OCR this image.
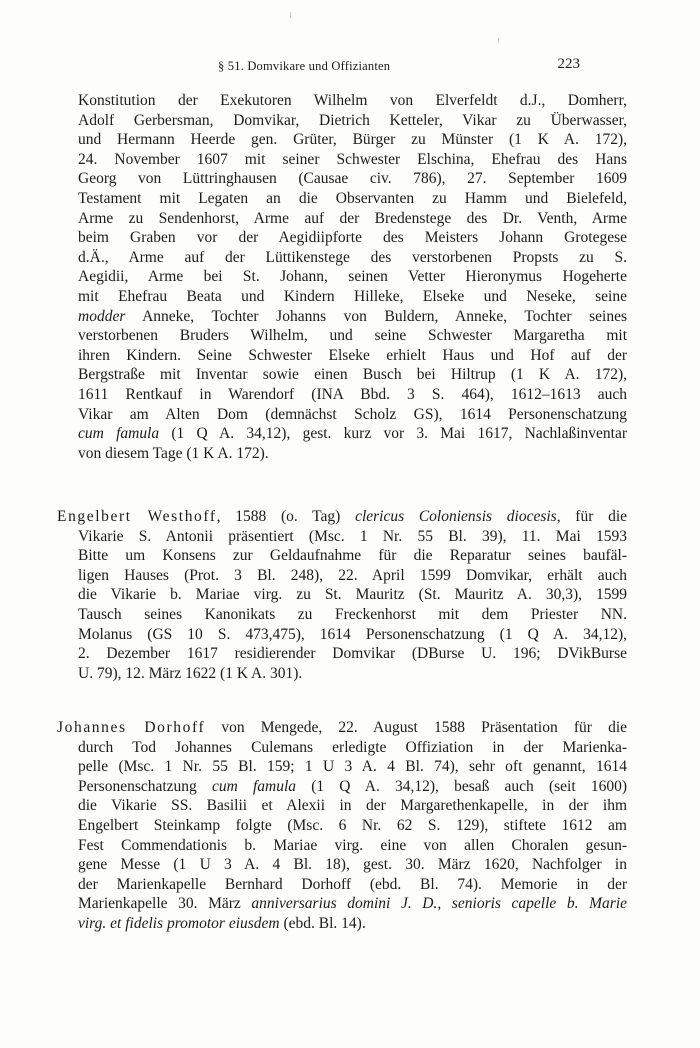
§ 51. Domvikare und Offizianten	223
Konstitution der Exekutoren Wilhelm von Elverfeldt d.J., Domherr,
Adolf Gerbersman, Domvikar, Dietrich Ketteler, Vikar zu Überwasser,
und Hermann Heerde gen. Grüter, Bürger zu Münster (1 K A. 172),
24. November 1607 mit seiner Schwester Elschina, Ehefrau des Hans
Georg von Lüttringhausen (Causae civ. 786), 27. September 1609
Testament mit Legaten an die Observanten zu Hamm und Bielefeld,
Arme zu Sendenhorst, Arme auf der Bredenstege des Dr. Venth, Arme
beim Graben vor der Aegidiipforte des Meisters Johann Grotegese
d.Ä., Arme auf der Lüttikenstege des verstorbenen Propsts zu S.
Aegidii, Arme bei St. Johann, seinen Vetter Hieronymus Hogeherte
mit Ehefrau Beata und Kindern Hilleke, Elseke und Neseke, seine
modder Anneke, Tochter Johanns von Buldern, Anneke, Tochter seines
verstorbenen Bruders Wilhelm, und seine Schwester Margaretha mit
ihren Kindern. Seine Schwester Elseke erhielt Haus und Hof auf der
Bergstraße mit Inventar sowie einen Busch bei Hiltrup (1 K A. 172),
1611 Rentkauf in Warendorf (INA Bbd. 3 S. 464), 1612–1613 auch
Vikar am Alten Dom (demnächst Scholz GS), 1614 Personenschatzung
cum famula (1 Q A. 34,12), gest. kurz vor 3. Mai 1617, Nachlaßinventar
von diesem Tage (1 K A. 172).
Engelbert Westhoff, 1588 (o. Tag) clericus Coloniensis diocesis, für die
Vikarie S. Antonii präsentiert (Msc. 1 Nr. 55 Bl. 39), 11. Mai 1593
Bitte um Konsens zur Geldaufnahme für die Reparatur seines baufäl-
ligen Hauses (Prot. 3 Bl. 248), 22. April 1599 Domvikar, erhält auch
die Vikarie b. Mariae virg. zu St. Mauritz (St. Mauritz A. 30,3), 1599
Tausch seines Kanonikats zu Freckenhorst mit dem Priester NN.
Molanus (GS 10 S. 473,475), 1614 Personenschatzung (1 Q A. 34,12),
2. Dezember 1617 residierender Domvikar (DBurse U. 196; DVikBurse
U. 79), 12. März 1622 (1 K A. 301).
Johannes Dorhoff von Mengede, 22. August 1588 Präsentation für die
durch Tod Johannes Culemans erledigte Offiziation in der Marienka-
pelle (Msc. 1 Nr. 55 Bl. 159; 1 U 3 A. 4 Bl. 74), sehr oft genannt, 1614
Personenschatzung cum famula (1 Q A. 34,12), besaß auch (seit 1600)
die Vikarie SS. Basilii et Alexii in der Margarethenkapelle, in der ihm
Engelbert Steinkamp folgte (Msc. 6 Nr. 62 S. 129), stiftete 1612 am
Fest Commendationis b. Mariae virg. eine von allen Choralen gesun-
gene Messe (1 U 3 A. 4 Bl. 18), gest. 30. März 1620, Nachfolger in
der Marienkapelle Bernhard Dorhoff (ebd. Bl. 74). Memorie in der
Marienkapelle 30. März anniversarius domini J. D., senioris capelle b. Marie
virg. et fidelis promotor eiusdem (ebd. Bl. 14).
